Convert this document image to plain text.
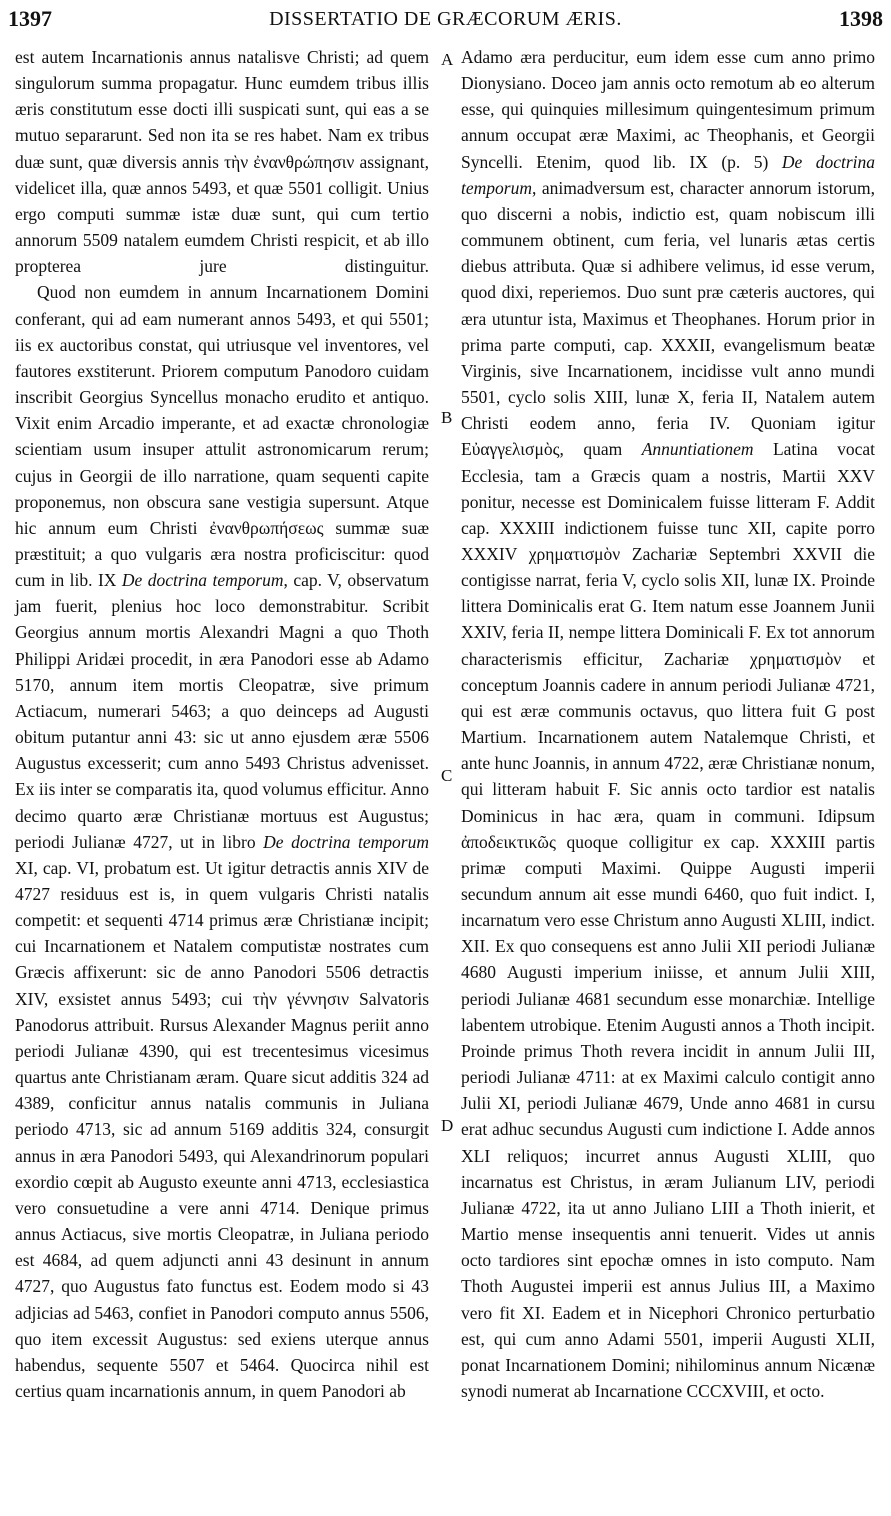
1397	DISSERTATIO DE GRÆCORUM ÆRIS.	1398

est autem Incarnationis annus natalisve Christi; ad quem singulorum summa propagatur. Hunc eumdem tribus illis æris constitutum esse docti illi suspicati sunt, qui eas a se mutuo separarunt. Sed non ita se res habet. Nam ex tribus duæ sunt, quæ diversis annis τὴν ἐνανθρώπησιν assignant, videlicet illa, quæ annos 5493, et quæ 5501 colligit. Unius ergo computi summæ istæ duæ sunt, qui cum tertio annorum 5509 natalem eumdem Christi respicit, et ab illo propterea jure distinguitur.

Quod non eumdem in annum Incarnationem Domini conferant, qui ad eam numerant annos 5493, et qui 5501; iis ex auctoribus constat, qui utriusque vel inventores, vel fautores exstiterunt. Priorem computum Panodoro cuidam inscribit Georgius Syncellus monacho erudito et antiquo. Vixit enim Arcadio imperante, et ad exactæ chronologiæ scientiam usum insuper attulit astronomicarum rerum; cujus in Georgii de illo narratione, quam sequenti capite proponemus, non obscura sane vestigia supersunt. Atque hic annum eum Christi ἐνανθρωπήσεως summæ suæ præstituit; a quo vulgaris æra nostra proficiscitur: quod cum in lib. IX De doctrina temporum, cap. V, observatum jam fuerit, plenius hoc loco demonstrabitur. Scribit Georgius annum mortis Alexandri Magni a quo Thoth Philippi Aridæi procedit, in æra Panodori esse ab Adamo 5170, annum item mortis Cleopatræ, sive primum Actiacum, numerari 5463; a quo deinceps ad Augusti obitum putantur anni 43: sic ut anno ejusdem æræ 5506 Augustus excesserit; cum anno 5493 Christus advenisset. Ex iis inter se comparatis ita, quod volumus efficitur. Anno decimo quarto æræ Christianæ mortuus est Augustus; periodi Julianæ 4727, ut in libro De doctrina temporum XI, cap. VI, probatum est. Ut igitur detractis annis XIV de 4727 residuus est is, in quem vulgaris Christi natalis competit: et sequenti 4714 primus æræ Christianæ incipit; cui Incarnationem et Natalem computistæ nostrates cum Græcis affixerunt: sic de anno Panodori 5506 detractis XIV, exsistet annus 5493; cui τὴν γέννησιν Salvatoris Panodorus attribuit. Rursus Alexander Magnus periit anno periodi Julianæ 4390, qui est trecentesimus vicesimus quartus ante Christianam æram. Quare sicut additis 324 ad 4389, conficitur annus natalis communis in Juliana periodo 4713, sic ad annum 5169 additis 324, consurgit annus in æra Panodori 5493, qui Alexandrinorum populari exordio cœpit ab Augusto exeunte anni 4713, ecclesiastica vero consuetudine a vere anni 4714. Denique primus annus Actiacus, sive mortis Cleopatræ, in Juliana periodo est 4684, ad quem adjuncti anni 43 desinunt in annum 4727, quo Augustus fato functus est. Eodem modo si 43 adjicias ad 5463, confiet in Panodori computo annus 5506, quo item excessit Augustus: sed exiens uterque annus habendus, sequente 5507 et 5464. Quocirca nihil est certius quam incarnationis annum, in quem Panodori ab

A
B
C
D

Adamo æra perducitur, eum idem esse cum anno primo Dionysiano. Doceo jam annis octo remotum ab eo alterum esse, qui quinquies millesimum quingentesimum primum annum occupat æræ Maximi, ac Theophanis, et Georgii Syncelli. Etenim, quod lib. IX (p. 5) De doctrina temporum, animadversum est, character annorum istorum, quo discerni a nobis, indictio est, quam nobiscum illi communem obtinent, cum feria, vel lunaris ætas certis diebus attributa. Quæ si adhibere velimus, id esse verum, quod dixi, reperiemos. Duo sunt præ cæteris auctores, qui æra utuntur ista, Maximus et Theophanes. Horum prior in prima parte computi, cap. XXXII, evangelismum beatæ Virginis, sive Incarnationem, incidisse vult anno mundi 5501, cyclo solis XIII, lunæ X, feria II, Natalem autem Christi eodem anno, feria IV. Quoniam igitur Εὐαγγελισμὸς, quam Annuntiationem Latina vocat Ecclesia, tam a Græcis quam a nostris, Martii XXV ponitur, necesse est Dominicalem fuisse litteram F. Addit cap. XXXIII indictionem fuisse tunc XII, capite porro XXXIV χρηματισμὸν Zachariæ Septembri XXVII die contigisse narrat, feria V, cyclo solis XII, lunæ IX. Proinde littera Dominicalis erat G. Item natum esse Joannem Junii XXIV, feria II, nempe littera Dominicali F. Ex tot annorum characterismis efficitur, Zachariæ χρηματισμὸν et conceptum Joannis cadere in annum periodi Julianæ 4721, qui est æræ communis octavus, quo littera fuit G post Martium. Incarnationem autem Natalemque Christi, et ante hunc Joannis, in annum 4722, æræ Christianæ nonum, qui litteram habuit F. Sic annis octo tardior est natalis Dominicus in hac æra, quam in communi. Idipsum ἀποδεικτικῶς quoque colligitur ex cap. XXXIII partis primæ computi Maximi. Quippe Augusti imperii secundum annum ait esse mundi 6460, quo fuit indict. I, incarnatum vero esse Christum anno Augusti XLIII, indict. XII. Ex quo consequens est anno Julii XII periodi Julianæ 4680 Augusti imperium iniisse, et annum Julii XIII, periodi Julianæ 4681 secundum esse monarchiæ. Intellige labentem utrobique. Etenim Augusti annos a Thoth incipit. Proinde primus Thoth revera incidit in annum Julii III, periodi Julianæ 4711: at ex Maximi calculo contigit anno Julii XI, periodi Julianæ 4679, Unde anno 4681 in cursu erat adhuc secundus Augusti cum indictione I. Adde annos XLI reliquos; incurret annus Augusti XLIII, quo incarnatus est Christus, in æram Julianum LIV, periodi Julianæ 4722, ita ut anno Juliano LIII a Thoth inierit, et Martio mense insequentis anni tenuerit. Vides ut annis octo tardiores sint epochæ omnes in isto computo. Nam Thoth Augustei imperii est annus Julius III, a Maximo vero fit XI. Eadem et in Nicephori Chronico perturbatio est, qui cum anno Adami 5501, imperii Augusti XLII, ponat Incarnationem Domini; nihilominus annum Nicænæ synodi numerat ab Incarnatione CCCXVIII, et octo.
